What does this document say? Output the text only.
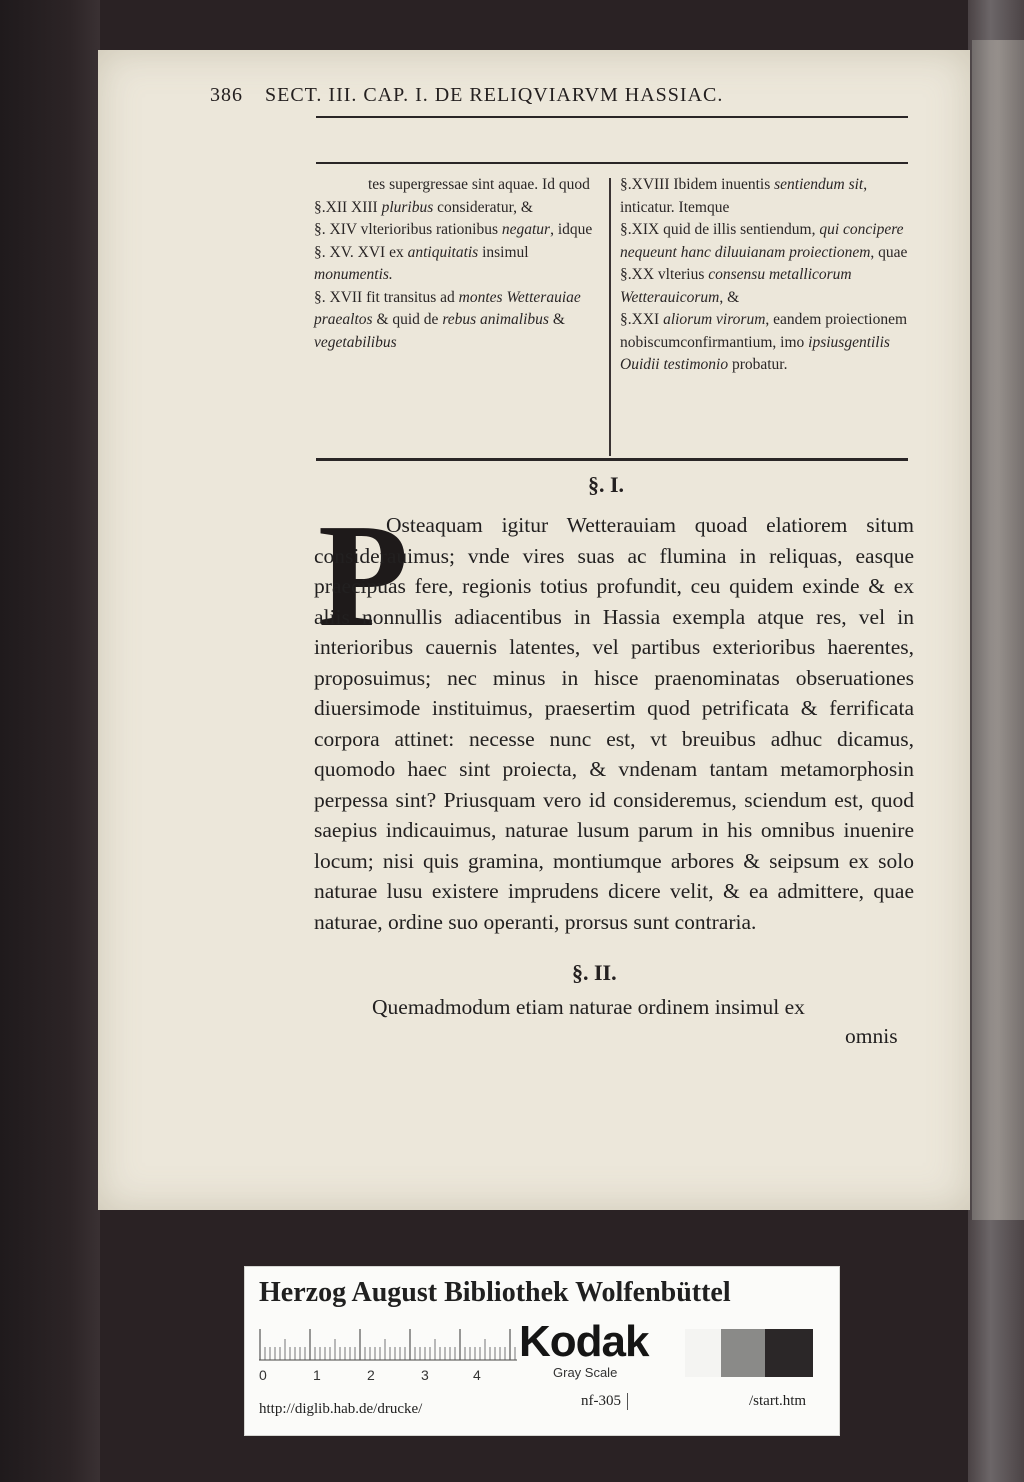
386 SECT. III. CAP. I. DE RELIQVIARVM HASSIAC.
tes supergressae sint aquae. Id quod
§.XII XIII pluribus consideratur, &
§. XIV vlterioribus rationibus negatur, idque
§. XV. XVI ex antiquitatis insimul monumentis.
§. XVII fit transitus ad montes Wetterauiae praealtos & quid de rebus animalibus & vegetabilibus
§.XVIII Ibidem inuentis sentiendum sit, inticatur. Itemque
§.XIX quid de illis sentiendum, qui concipere nequeunt hanc diluuianam proiectionem, quae
§.XX vlterius consensu metallicorum Wetterauicorum, &
§.XXI aliorum virorum, eandem proiectionem nobiscumconfirmantium, imo ipsiusgentilis Ouidii testimonio probatur.
§. I.
P
Osteaquam igitur Wetterauiam quoad elatiorem situm considerauimus; vnde vires suas ac flumina in reliquas, easque praecipuas fere, regionis totius profundit, ceu quidem exinde & ex aliis nonnullis adiacentibus in Hassia exempla atque res, vel in interioribus cauernis latentes, vel partibus exterioribus haerentes, proposuimus; nec minus in hisce praenominatas obseruationes diuersimode instituimus, praesertim quod petrificata & ferrificata corpora attinet: necesse nunc est, vt breuibus adhuc dicamus, quomodo haec sint proiecta, & vndenam tantam metamorphosin perpessa sint? Priusquam vero id consideremus, sciendum est, quod saepius indicauimus, naturae lusum parum in his omnibus inuenire locum; nisi quis gramina, montiumque arbores & seipsum ex solo naturae lusu existere imprudens dicere velit, & ea admittere, quae naturae, ordine suo operanti, prorsus sunt contraria.
§. II.
Quemadmodum etiam naturae ordinem insimul ex
omnis
Herzog August Bibliothek Wolfenbüttel
0	1	2	3	4
Kodak
Gray Scale
http://diglib.hab.de/drucke/	nf-305	/start.htm
